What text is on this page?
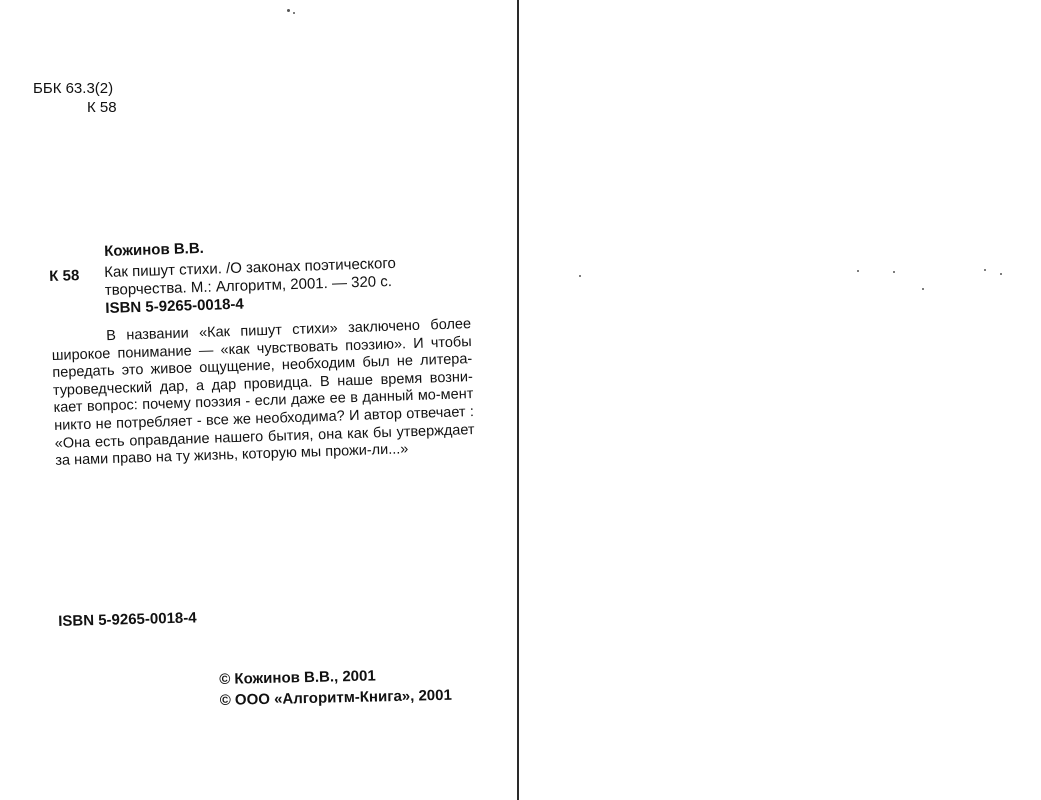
ББК 63.3(2)
К 58
Кожинов В.В.
К 58 Как пишут стихи. /О законах поэтического творчества. М.: Алгоритм, 2001. — 320 с.
ISBN 5-9265-0018-4

В названии «Как пишут стихи» заключено более широкое понимание — «как чувствовать поэзию». И чтобы передать это живое ощущение, необходим был не литера-туроведческий дар, а дар провидца. В наше время возни-кает вопрос: почему поэзия - если даже ее в данный мо-мент никто не потребляет - все же необходима? И автор отвечает : «Она есть оправдание нашего бытия, она как бы утверждает за нами право на ту жизнь, которую мы прожи-ли...»

ISBN 5-9265-0018-4
© Кожинов В.В., 2001
© ООО «Алгоритм-Книга», 2001
